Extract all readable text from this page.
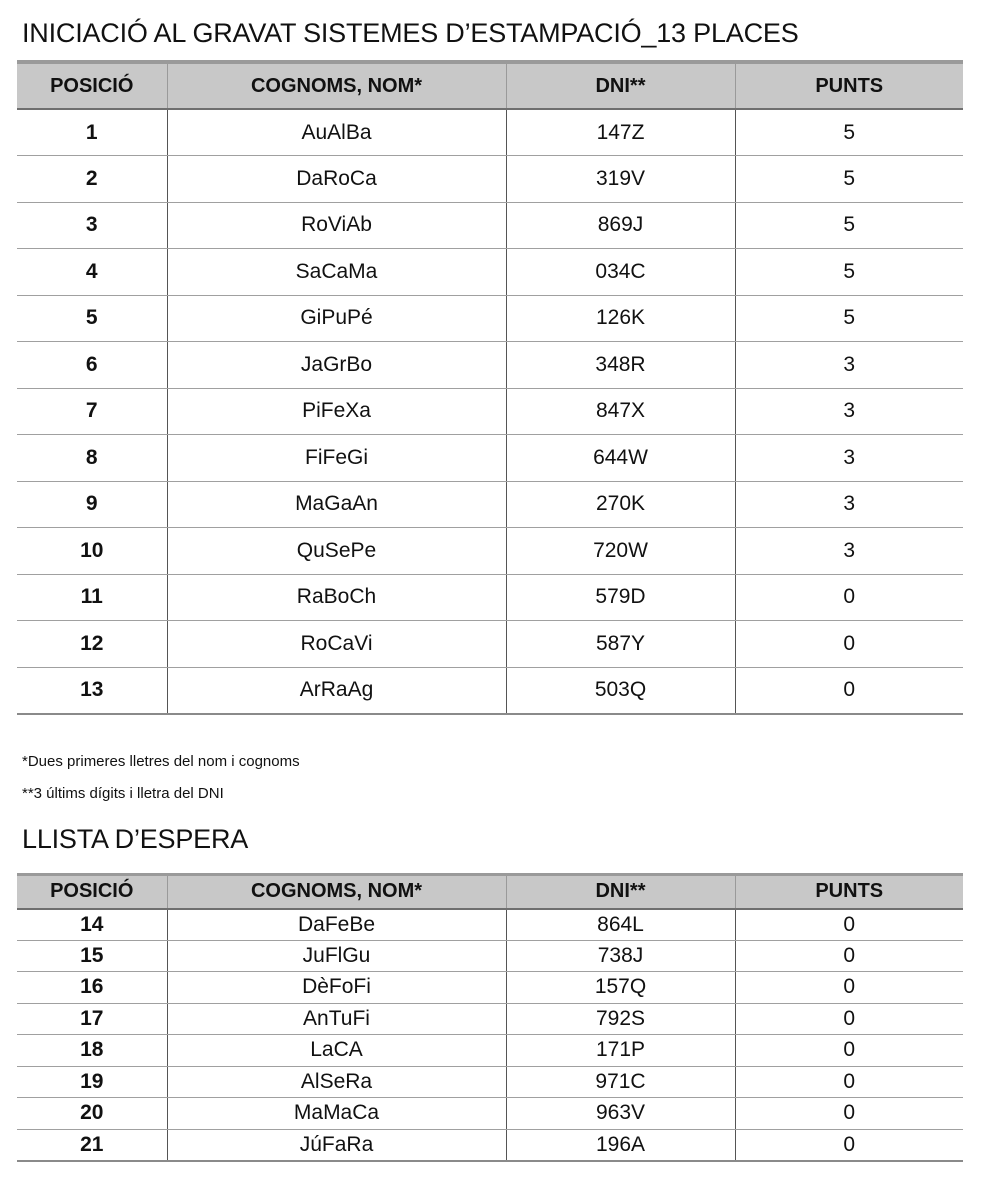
INICIACIÓ AL GRAVAT SISTEMES D’ESTAMPACIÓ_13 PLACES
POSICIÓ	COGNOMS, NOM*	DNI**	PUNTS
1	AuAlBa	147Z	5
2	DaRoCa	319V	5
3	RoViAb	869J	5
4	SaCaMa	034C	5
5	GiPuPé	126K	5
6	JaGrBo	348R	3
7	PiFeXa	847X	3
8	FiFeGi	644W	3
9	MaGaAn	270K	3
10	QuSePe	720W	3
11	RaBoCh	579D	0
12	RoCaVi	587Y	0
13	ArRaAg	503Q	0

*Dues primeres lletres del nom i cognoms

**3 últims dígits i lletra del DNI

LLISTA D’ESPERA
POSICIÓ	COGNOMS, NOM*	DNI**	PUNTS
14	DaFeBe	864L	0
15	JuFlGu	738J	0
16	DèFoFi	157Q	0
17	AnTuFi	792S	0
18	LaCA	171P	0
19	AlSeRa	971C	0
20	MaMaCa	963V	0
21	JúFaRa	196A	0
